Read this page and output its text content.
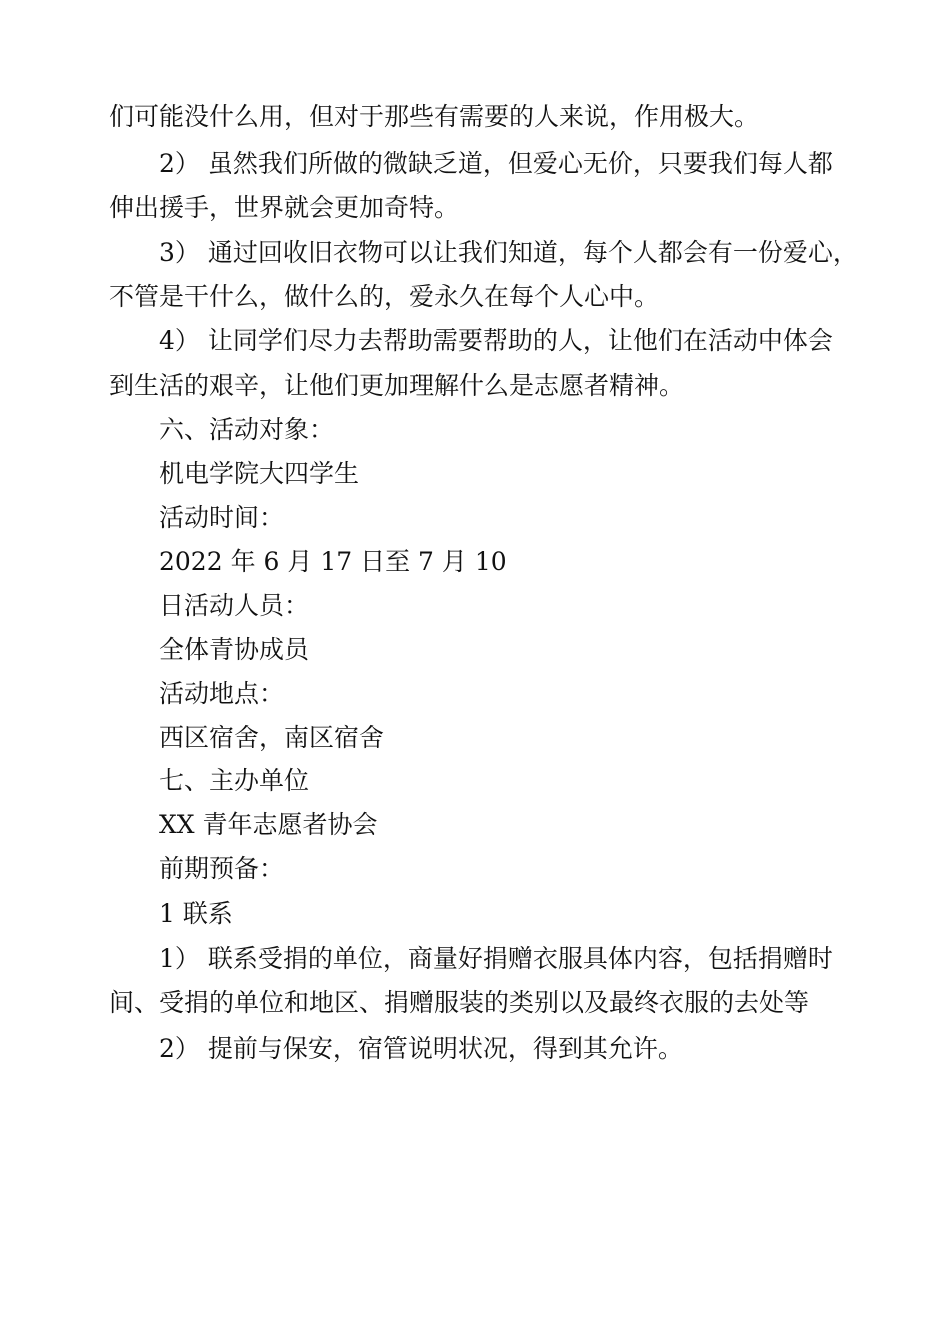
们可能没什么用，但对于那些有需要的人来说，作用极大。
2） 虽然我们所做的微缺乏道，但爱心无价，只要我们每人都
伸出援手，世界就会更加奇特。
3） 通过回收旧衣物可以让我们知道，每个人都会有一份爱心，
不管是干什么，做什么的，爱永久在每个人心中。
4） 让同学们尽力去帮助需要帮助的人，让他们在活动中体会
到生活的艰辛，让他们更加理解什么是志愿者精神。
六、活动对象：
机电学院大四学生
活动时间：
2022 年 6 月 17 日至 7 月 10
日活动人员：
全体青协成员
活动地点：
西区宿舍，南区宿舍
七、主办单位
XX 青年志愿者协会
前期预备：
1 联系
1） 联系受捐的单位，商量好捐赠衣服具体内容，包括捐赠时
间、受捐的单位和地区、捐赠服装的类别以及最终衣服的去处等
2） 提前与保安，宿管说明状况，得到其允许。
